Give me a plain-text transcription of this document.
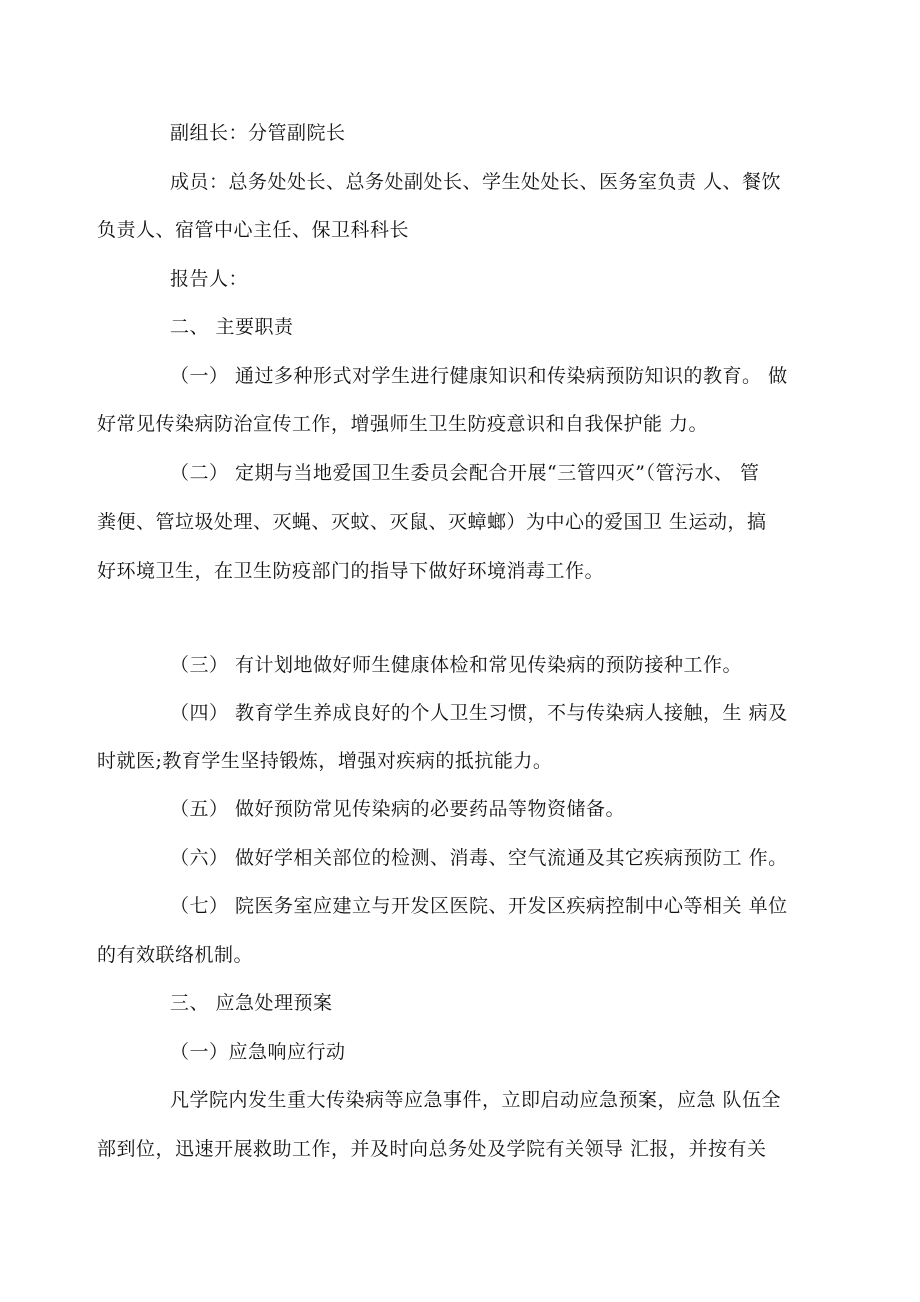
副组长：分管副院长
成员：总务处处长、总务处副处长、学生处处长、医务室负责 人、餐饮
负责人、宿管中心主任、保卫科科长
报告人：
二、 主要职责
（一） 通过多种形式对学生进行健康知识和传染病预防知识的教育。 做
好常见传染病防治宣传工作，增强师生卫生防疫意识和自我保护能 力。
（二） 定期与当地爱国卫生委员会配合开展“三管四灭”（管污水、 管
粪便、管垃圾处理、灭蝇、灭蚊、灭鼠、灭蟑螂）为中心的爱国卫 生运动，搞
好环境卫生，在卫生防疫部门的指导下做好环境消毒工作。
（三） 有计划地做好师生健康体检和常见传染病的预防接种工作。
（四） 教育学生养成良好的个人卫生习惯，不与传染病人接触，生 病及
时就医;教育学生坚持锻炼，增强对疾病的抵抗能力。
（五） 做好预防常见传染病的必要药品等物资储备。
（六） 做好学相关部位的检测、消毒、空气流通及其它疾病预防工 作。
（七） 院医务室应建立与开发区医院、开发区疾病控制中心等相关 单位
的有效联络机制。
三、 应急处理预案
（一）应急响应行动
凡学院内发生重大传染病等应急事件，立即启动应急预案，应急 队伍全
部到位，迅速开展救助工作，并及时向总务处及学院有关领导 汇报，并按有关
